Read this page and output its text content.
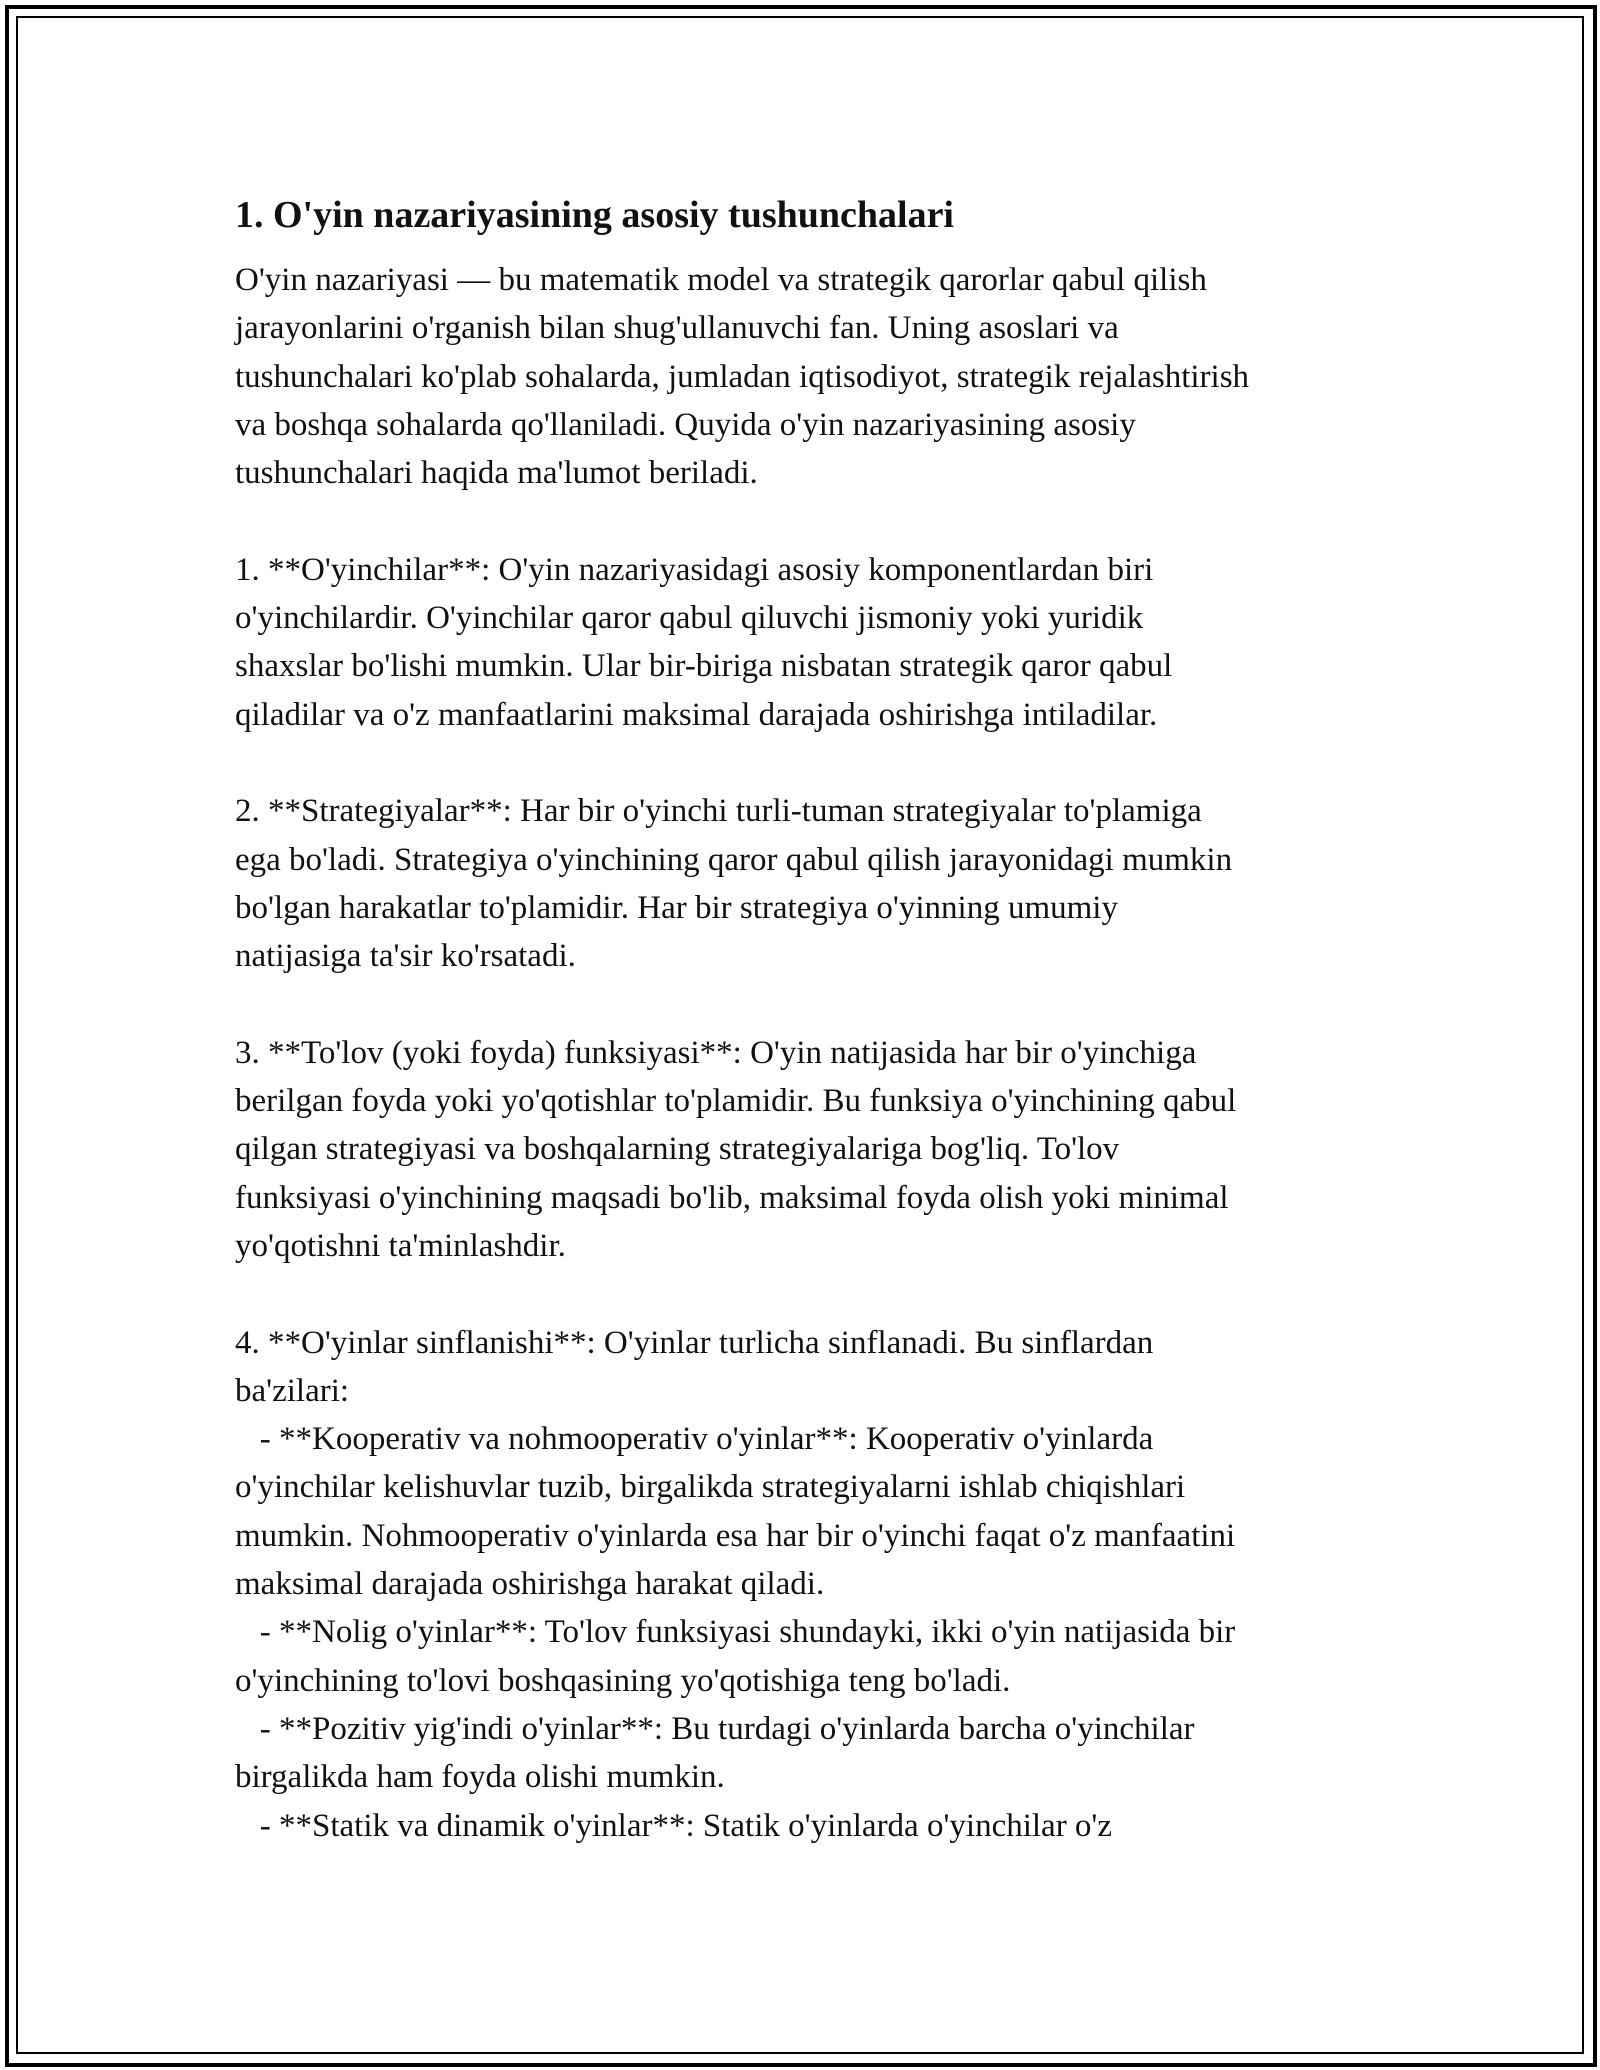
1. O'yin nazariyasining asosiy tushunchalari

O'yin nazariyasi — bu matematik model va strategik qarorlar qabul qilish
jarayonlarini o'rganish bilan shug'ullanuvchi fan. Uning asoslari va
tushunchalari ko'plab sohalarda, jumladan iqtisodiyot, strategik rejalashtirish
va boshqa sohalarda qo'llaniladi. Quyida o'yin nazariyasining asosiy
tushunchalari haqida ma'lumot beriladi.

1. **O'yinchilar**: O'yin nazariyasidagi asosiy komponentlardan biri
o'yinchilardir. O'yinchilar qaror qabul qiluvchi jismoniy yoki yuridik
shaxslar bo'lishi mumkin. Ular bir-biriga nisbatan strategik qaror qabul
qiladilar va o'z manfaatlarini maksimal darajada oshirishga intiladilar.

2. **Strategiyalar**: Har bir o'yinchi turli-tuman strategiyalar to'plamiga
ega bo'ladi. Strategiya o'yinchining qaror qabul qilish jarayonidagi mumkin
bo'lgan harakatlar to'plamidir. Har bir strategiya o'yinning umumiy
natijasiga ta'sir ko'rsatadi.

3. **To'lov (yoki foyda) funksiyasi**: O'yin natijasida har bir o'yinchiga
berilgan foyda yoki yo'qotishlar to'plamidir. Bu funksiya o'yinchining qabul
qilgan strategiyasi va boshqalarning strategiyalariga bog'liq. To'lov
funksiyasi o'yinchining maqsadi bo'lib, maksimal foyda olish yoki minimal
yo'qotishni ta'minlashdir.

4. **O'yinlar sinflanishi**: O'yinlar turlicha sinflanadi. Bu sinflardan
ba'zilari:
- **Kooperativ va nohmooperativ o'yinlar**: Kooperativ o'yinlarda
o'yinchilar kelishuvlar tuzib, birgalikda strategiyalarni ishlab chiqishlari
mumkin. Nohmooperativ o'yinlarda esa har bir o'yinchi faqat o'z manfaatini
maksimal darajada oshirishga harakat qiladi.
- **Nolig o'yinlar**: To'lov funksiyasi shundayki, ikki o'yin natijasida bir
o'yinchining to'lovi boshqasining yo'qotishiga teng bo'ladi.
- **Pozitiv yig'indi o'yinlar**: Bu turdagi o'yinlarda barcha o'yinchilar
birgalikda ham foyda olishi mumkin.
- **Statik va dinamik o'yinlar**: Statik o'yinlarda o'yinchilar o'z
